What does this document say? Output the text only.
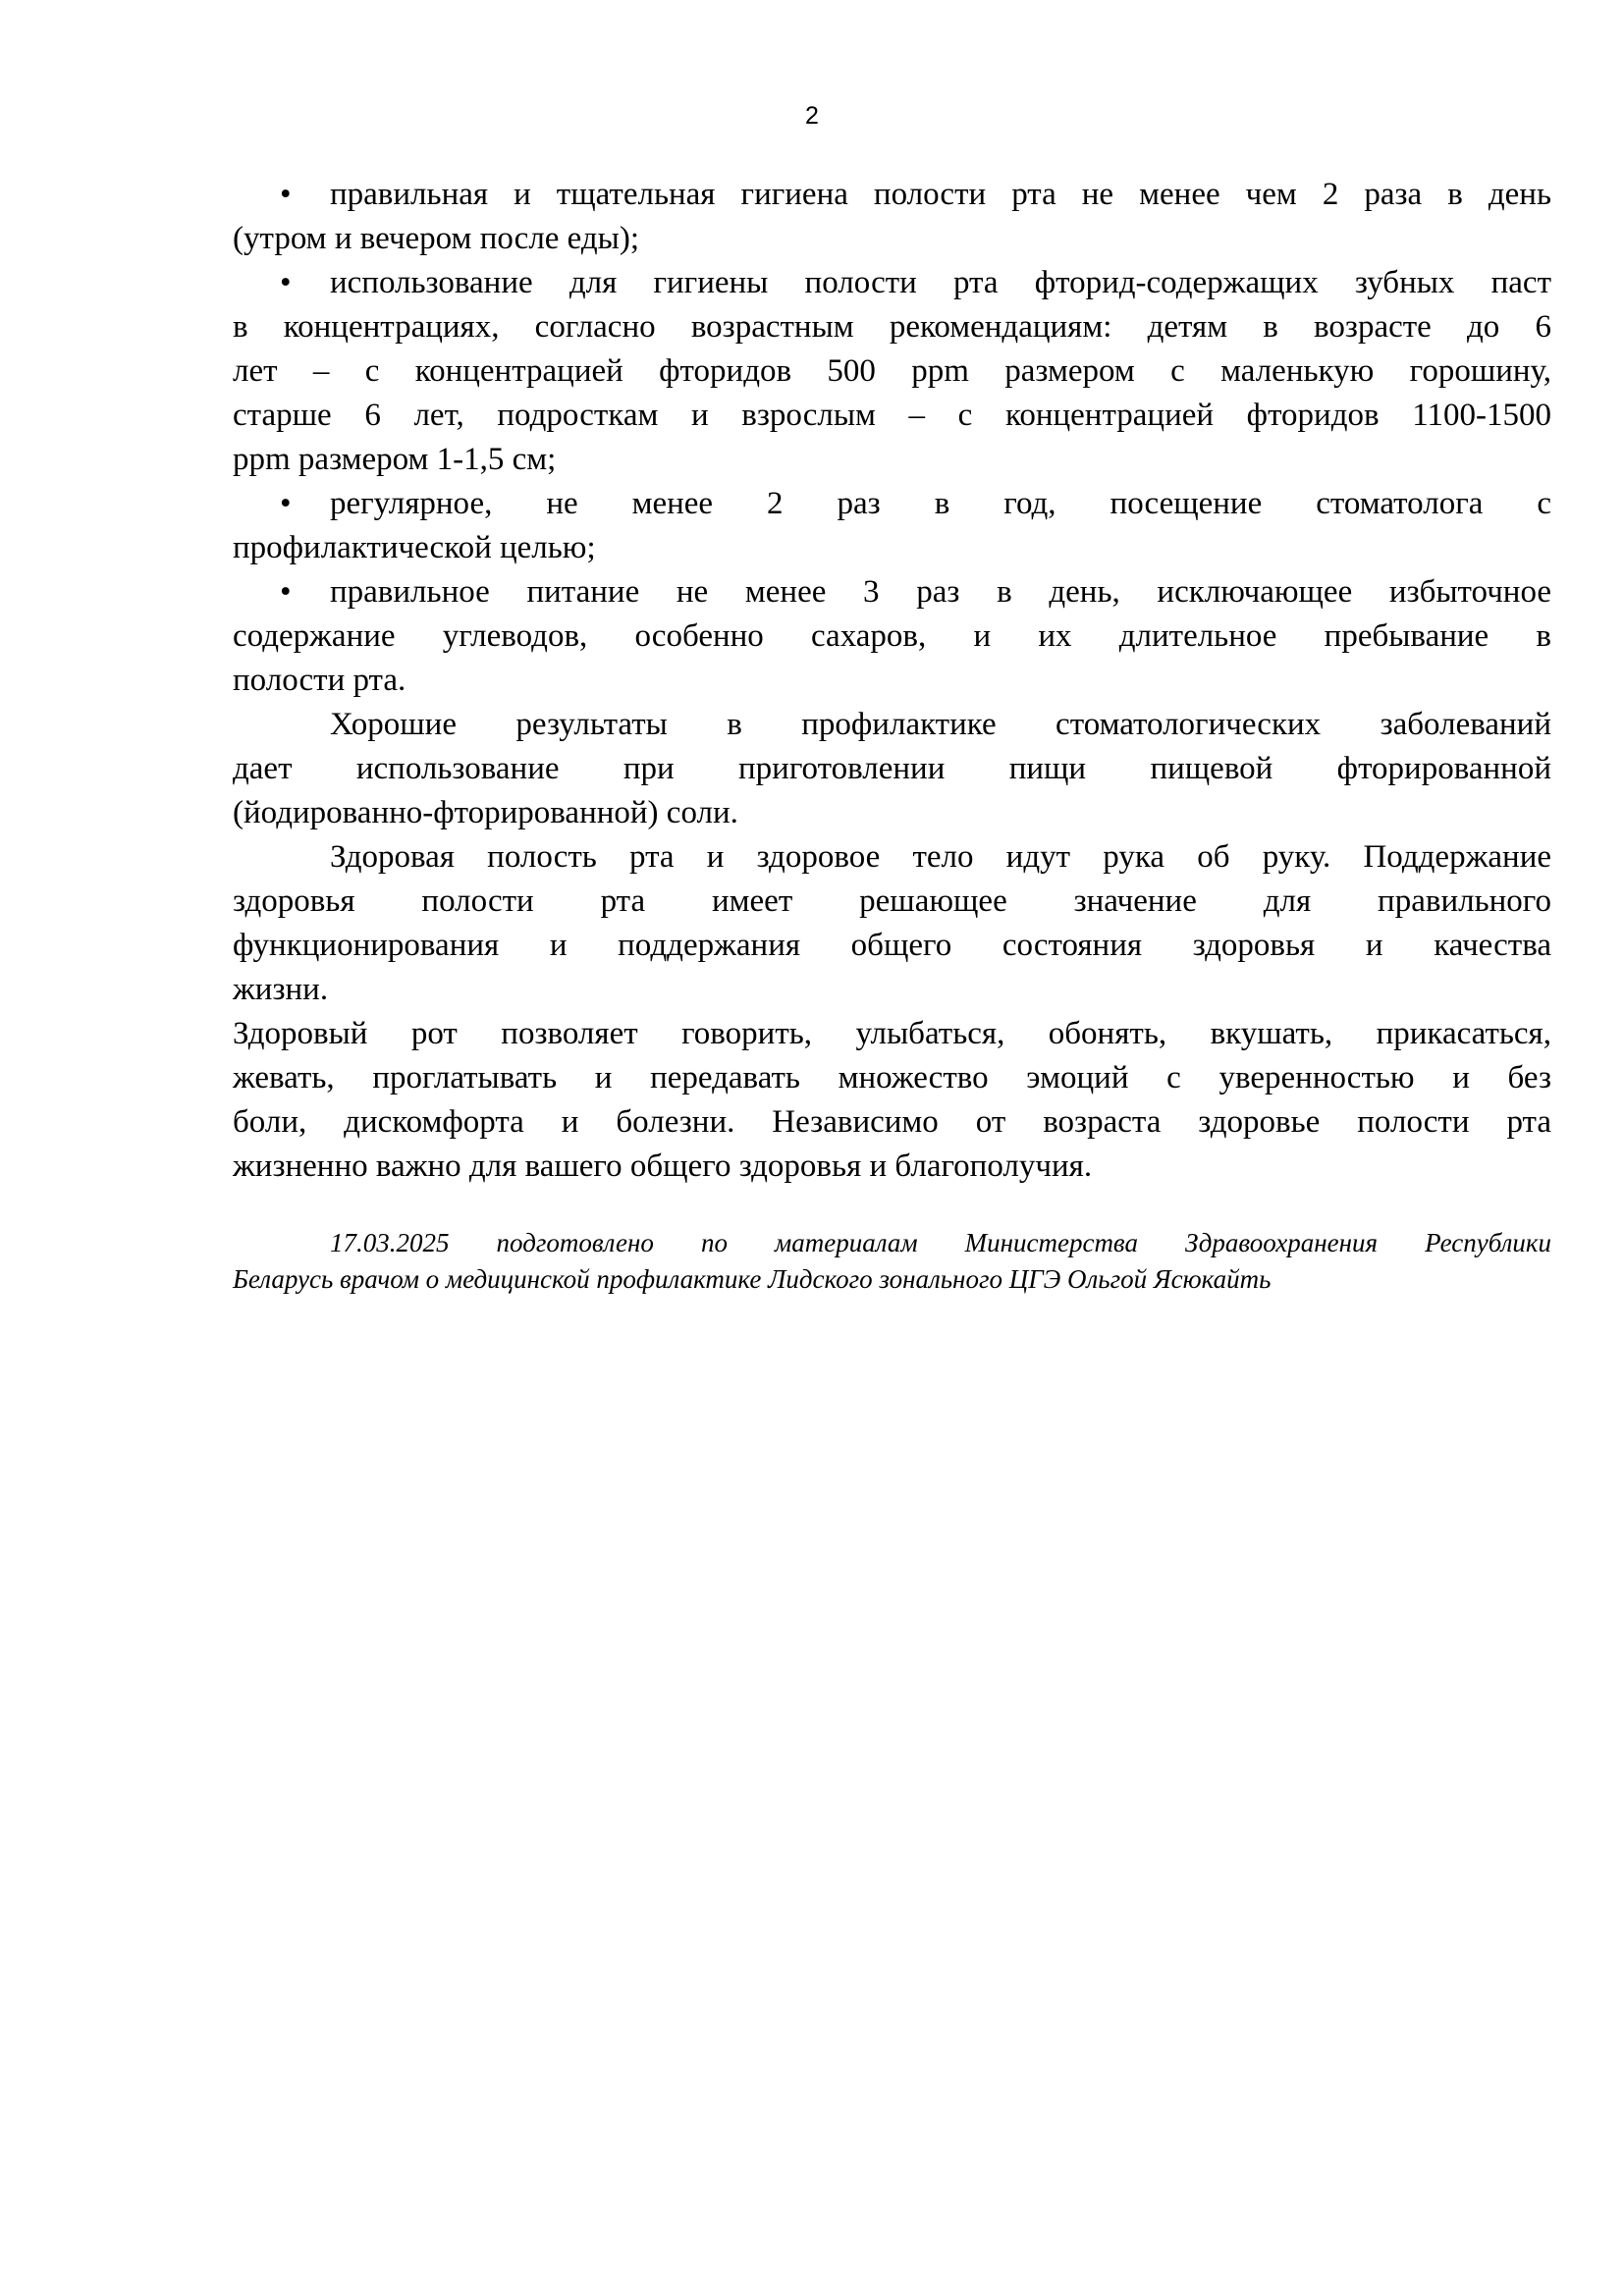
2
•	правильная и тщательная гигиена полости рта не менее чем 2 раза в день
(утром и вечером после еды);
•	использование для гигиены полости рта фторид-содержащих зубных паст
в концентрациях, согласно возрастным рекомендациям: детям в возрасте до 6
лет – с концентрацией фторидов 500 ppm размером с маленькую горошину,
старше 6 лет, подросткам и взрослым – с концентрацией фторидов 1100-1500
ppm размером 1-1,5 см;
•	регулярное, не менее 2 раз в год, посещение стоматолога с
профилактической целью;
•	правильное питание не менее 3 раз в день, исключающее избыточное
содержание углеводов, особенно сахаров, и их длительное пребывание в
полости рта.
Хорошие результаты в профилактике стоматологических заболеваний
дает использование при приготовлении пищи пищевой фторированной
(йодированно-фторированной) соли.
Здоровая полость рта и здоровое тело идут рука об руку. Поддержание
здоровья полости рта имеет решающее значение для правильного
функционирования и поддержания общего состояния здоровья и качества
жизни.
Здоровый рот позволяет говорить, улыбаться, обонять, вкушать, прикасаться,
жевать, проглатывать и передавать множество эмоций с уверенностью и без
боли, дискомфорта и болезни. Независимо от возраста здоровье полости рта
жизненно важно для вашего общего здоровья и благополучия.
17.03.2025 подготовлено по материалам Министерства Здравоохранения Республики
Беларусь врачом о медицинской профилактике Лидского зонального ЦГЭ Ольгой Ясюкайть
